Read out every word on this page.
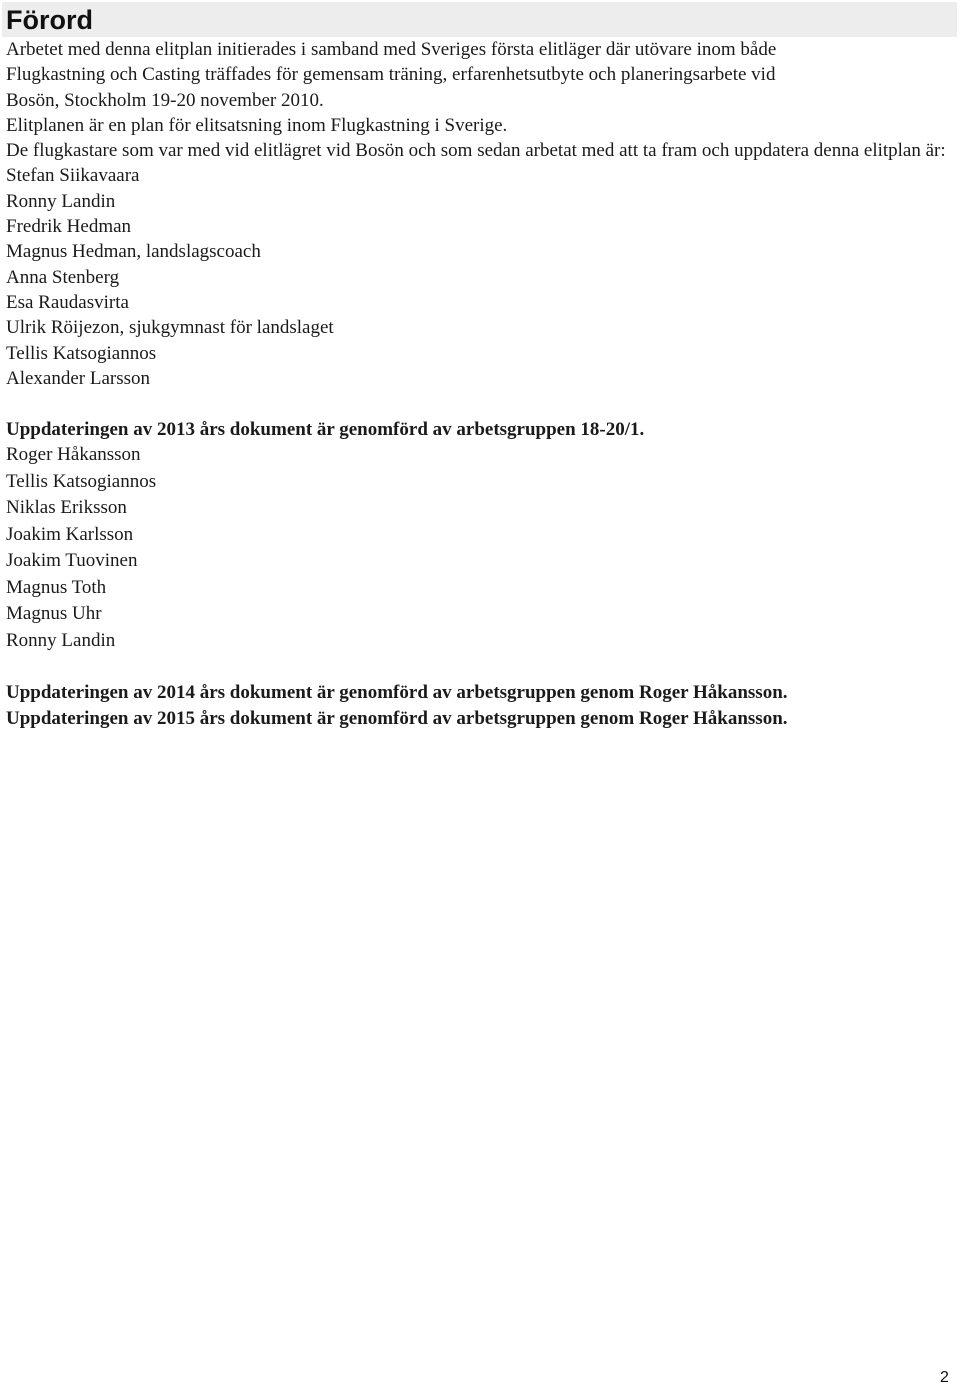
Förord
Arbetet med denna elitplan initierades i samband med Sveriges första elitläger där utövare inom både
Flugkastning och Casting träffades för gemensam träning, erfarenhetsutbyte och planeringsarbete vid
Bosön, Stockholm 19-20 november 2010.
Elitplanen är en plan för elitsatsning inom Flugkastning i Sverige.
De flugkastare som var med vid elitlägret vid Bosön och som sedan arbetat med att ta fram och uppdatera denna elitplan är:
Stefan Siikavaara
Ronny Landin
Fredrik Hedman
Magnus Hedman, landslagscoach
Anna Stenberg
Esa Raudasvirta
Ulrik Röijezon, sjukgymnast för landslaget
Tellis Katsogiannos
Alexander Larsson
Uppdateringen av 2013 års dokument är genomförd av arbetsgruppen 18-20/1.
Roger Håkansson
Tellis Katsogiannos
Niklas Eriksson
Joakim Karlsson
Joakim Tuovinen
Magnus Toth
Magnus Uhr
Ronny Landin
Uppdateringen av 2014 års dokument är genomförd av arbetsgruppen genom Roger Håkansson.
Uppdateringen av 2015 års dokument är genomförd av arbetsgruppen genom Roger Håkansson.
2
